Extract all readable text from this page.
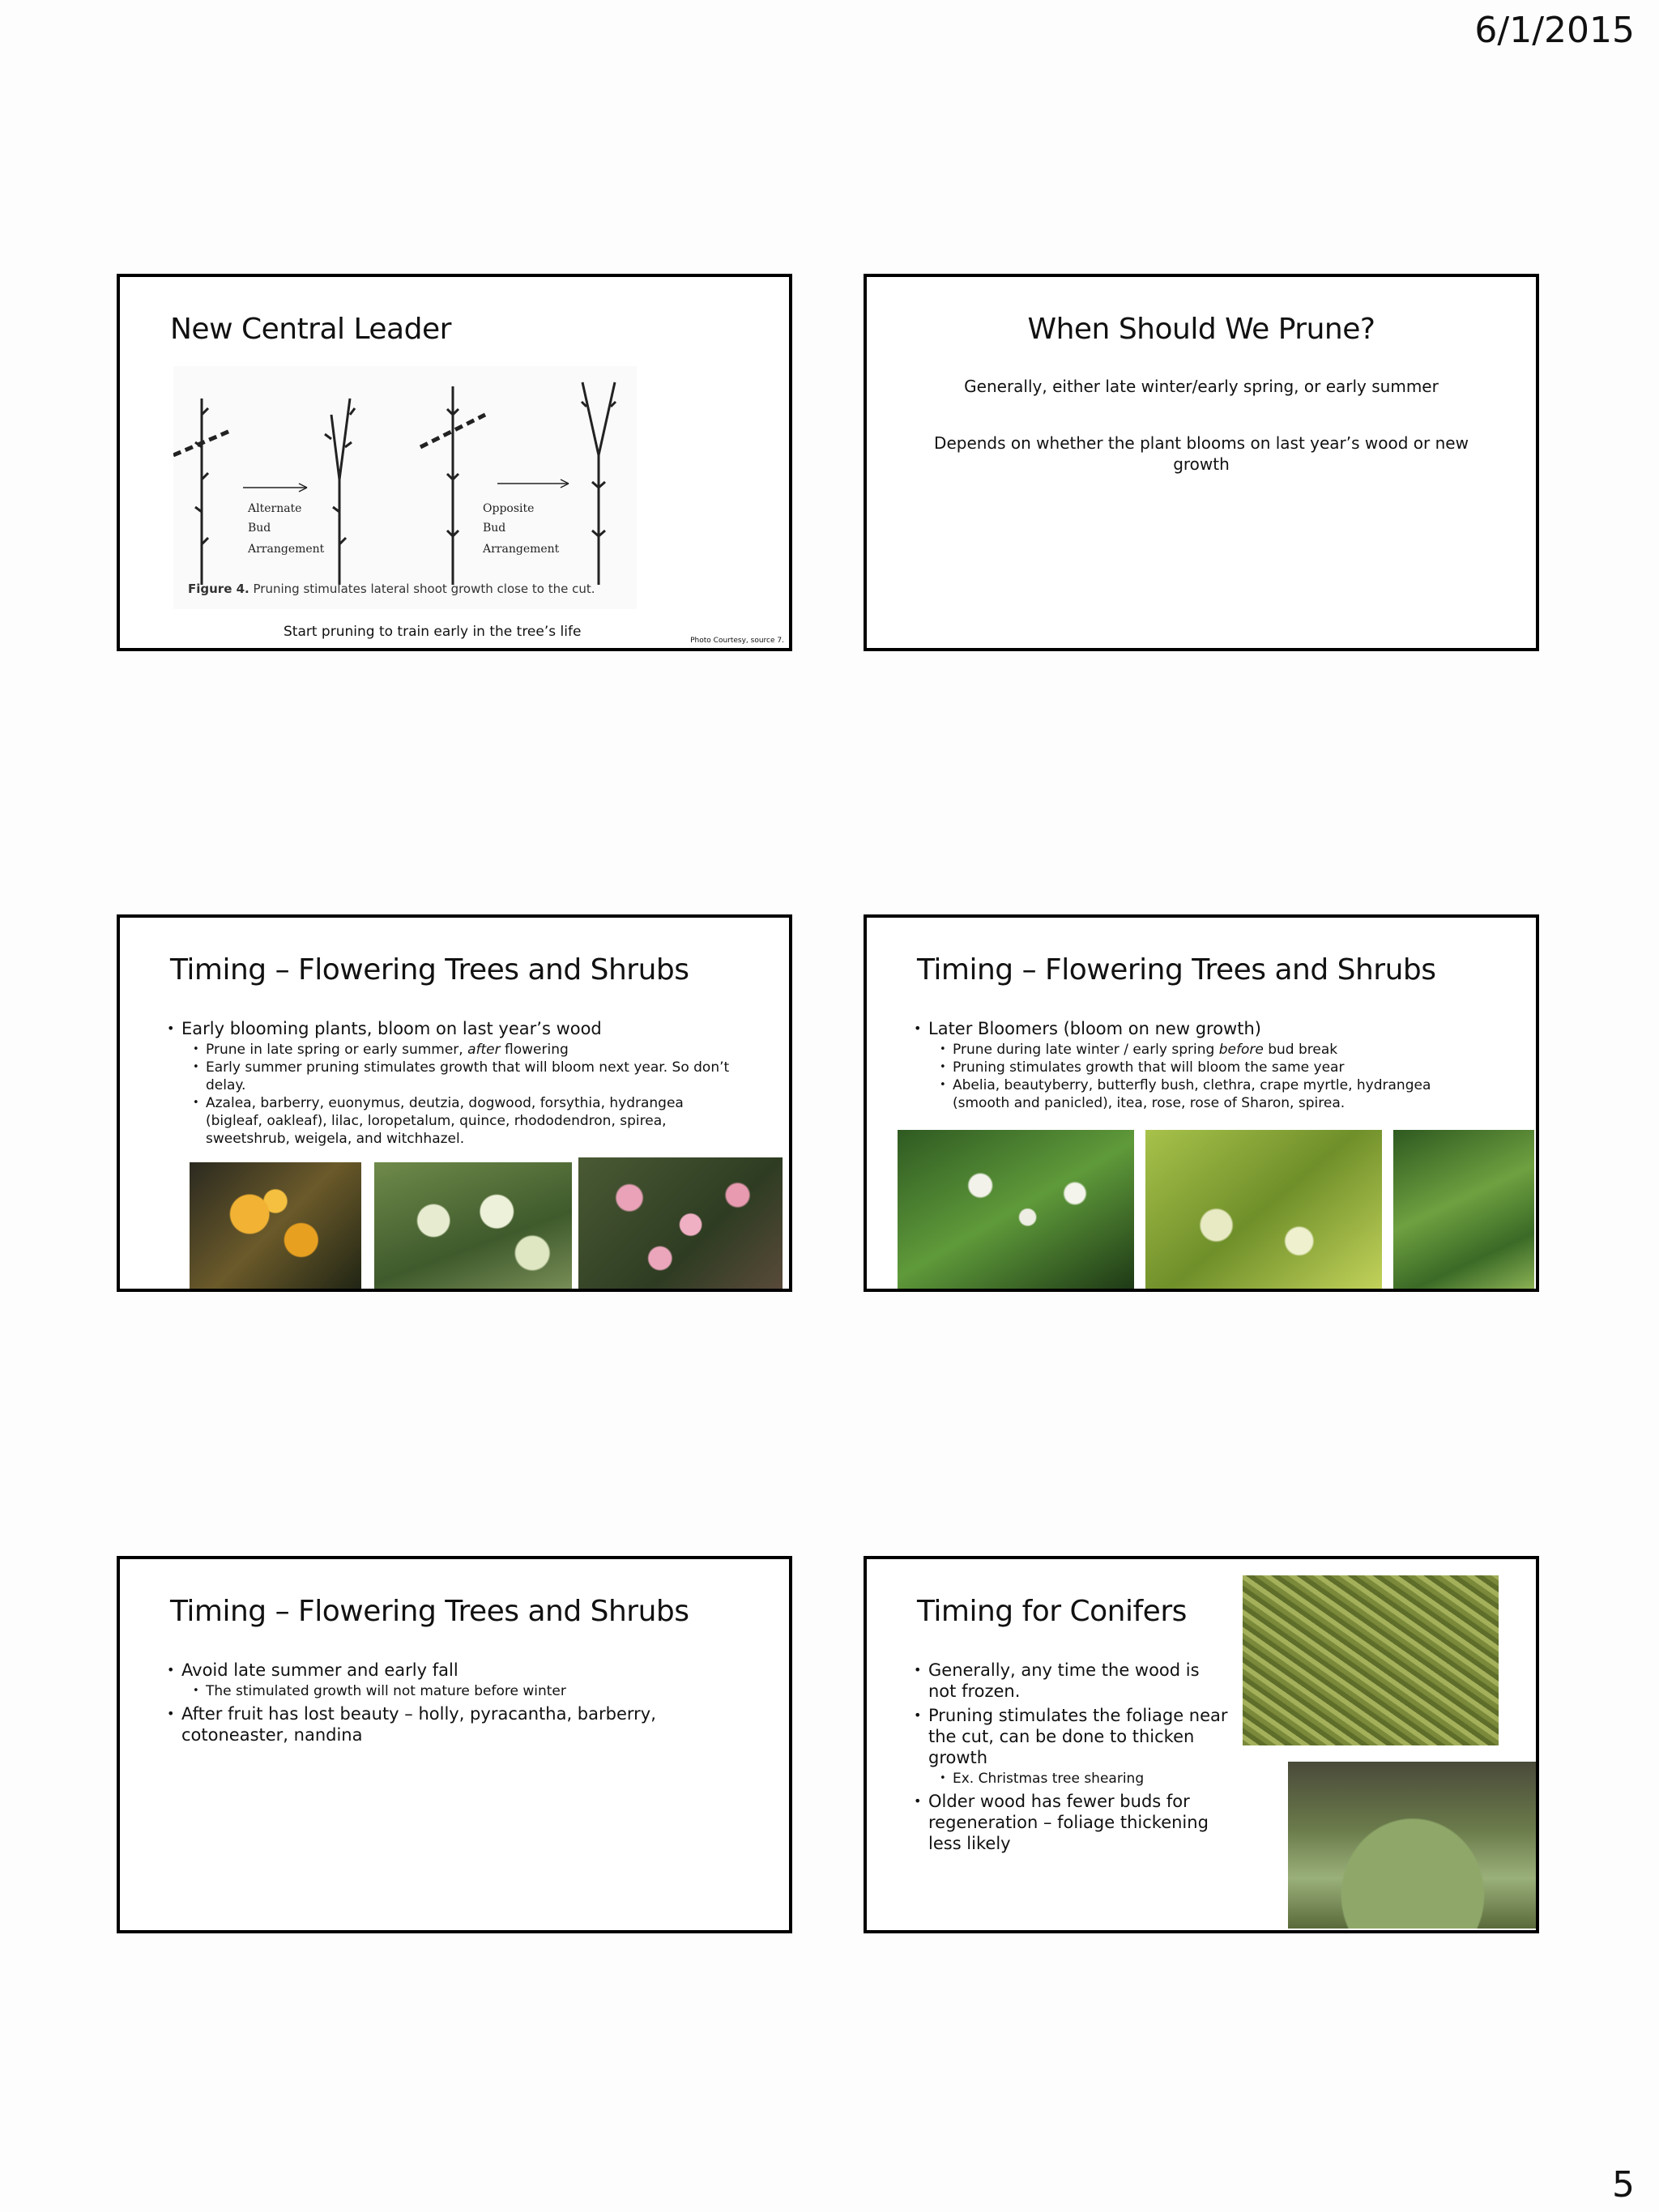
6/1/2015
New Central Leader
Alternate
Bud
Arrangement
Opposite
Bud
Arrangement
Figure 4. Pruning stimulates lateral shoot growth close to the cut.
Start pruning to train early in the tree’s life
Photo Courtesy, source 7.
When Should We Prune?
Generally, either late winter/early spring, or early summer
Depends on whether the plant blooms on last year’s wood or new growth
Timing – Flowering Trees and Shrubs
• Early blooming plants, bloom on last year’s wood
• Prune in late spring or early summer, after flowering
• Early summer pruning stimulates growth that will bloom next year. So don’t delay.
• Azalea, barberry, euonymus, deutzia, dogwood, forsythia, hydrangea (bigleaf, oakleaf), lilac, loropetalum, quince, rhododendron, spirea, sweetshrub, weigela, and witchhazel.
Timing – Flowering Trees and Shrubs
• Later Bloomers (bloom on new growth)
• Prune during late winter / early spring before bud break
• Pruning stimulates growth that will bloom the same year
• Abelia, beautyberry, butterfly bush, clethra, crape myrtle, hydrangea (smooth and panicled), itea, rose, rose of Sharon, spirea.
Timing – Flowering Trees and Shrubs
• Avoid late summer and early fall
• The stimulated growth will not mature before winter
• After fruit has lost beauty – holly, pyracantha, barberry, cotoneaster, nandina
Timing for Conifers
• Generally, any time the wood is not frozen.
• Pruning stimulates the foliage near the cut, can be done to thicken growth
• Ex. Christmas tree shearing
• Older wood has fewer buds for regeneration – foliage thickening less likely
5
